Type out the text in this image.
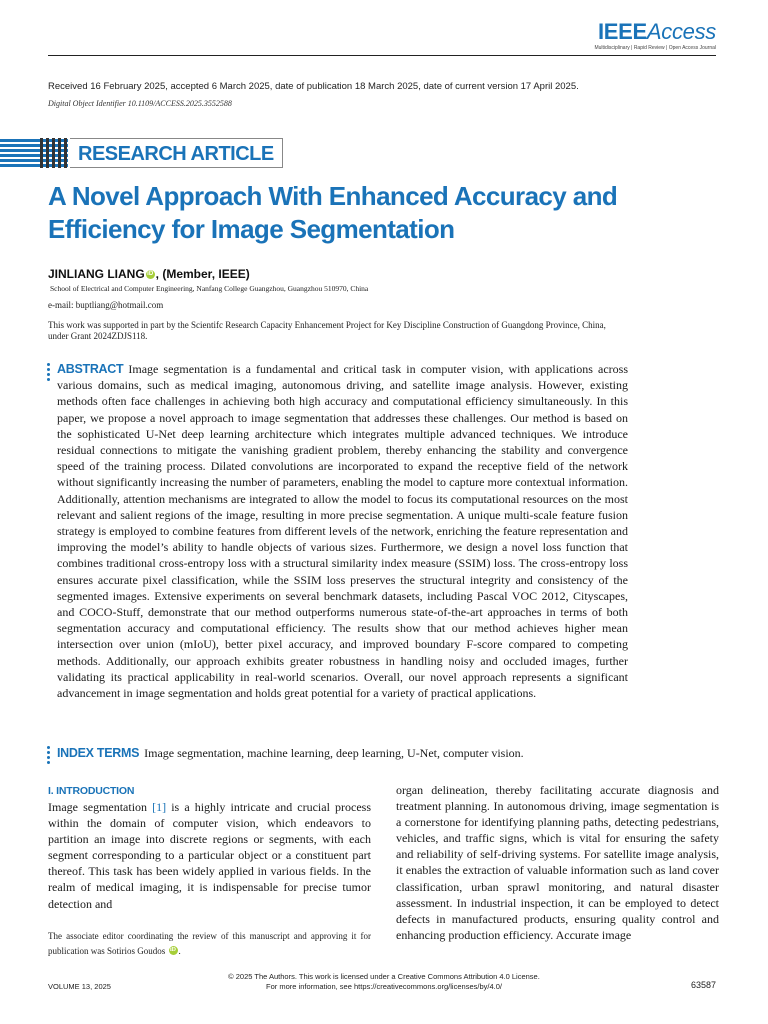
IEEEAccess
Multidisciplinary | Rapid Review | Open Access Journal
Received 16 February 2025, accepted 6 March 2025, date of publication 18 March 2025, date of current version 17 April 2025.
Digital Object Identifier 10.1109/ACCESS.2025.3552588
RESEARCH ARTICLE
A Novel Approach With Enhanced Accuracy and Efficiency for Image Segmentation
JINLIANG LIANG iD , (Member, IEEE)
School of Electrical and Computer Engineering, Nanfang College Guangzhou, Guangzhou 510970, China
e-mail: buptliang@hotmail.com
This work was supported in part by the Scientifc Research Capacity Enhancement Project for Key Discipline Construction of Guangdong Province, China, under Grant 2024ZDJS118.
ABSTRACT Image segmentation is a fundamental and critical task in computer vision, with applications across various domains, such as medical imaging, autonomous driving, and satellite image analysis. However, existing methods often face challenges in achieving both high accuracy and computational efficiency simultaneously. In this paper, we propose a novel approach to image segmentation that addresses these challenges. Our method is based on the sophisticated U-Net deep learning architecture which integrates multiple advanced techniques. We introduce residual connections to mitigate the vanishing gradient problem, thereby enhancing the stability and convergence speed of the training process. Dilated convolutions are incorporated to expand the receptive field of the network without significantly increasing the number of parameters, enabling the model to capture more contextual information. Additionally, attention mechanisms are integrated to allow the model to focus its computational resources on the most relevant and salient regions of the image, resulting in more precise segmentation. A unique multi-scale feature fusion strategy is employed to combine features from different levels of the network, enriching the feature representation and improving the model’s ability to handle objects of various sizes. Furthermore, we design a novel loss function that combines traditional cross-entropy loss with a structural similarity index measure (SSIM) loss. The cross-entropy loss ensures accurate pixel classification, while the SSIM loss preserves the structural integrity and consistency of the segmented images. Extensive experiments on several benchmark datasets, including Pascal VOC 2012, Cityscapes, and COCO-Stuff, demonstrate that our method outperforms numerous state-of-the-art approaches in terms of both segmentation accuracy and computational efficiency. The results show that our method achieves higher mean intersection over union (mIoU), better pixel accuracy, and improved boundary F-score compared to competing methods. Additionally, our approach exhibits greater robustness in handling noisy and occluded images, further validating its practical applicability in real-world scenarios. Overall, our novel approach represents a significant advancement in image segmentation and holds great potential for a variety of practical applications.
INDEX TERMS Image segmentation, machine learning, deep learning, U-Net, computer vision.
I. INTRODUCTION

Image segmentation [1] is a highly intricate and crucial process within the domain of computer vision, which endeavors to partition an image into discrete regions or segments, with each segment corresponding to a particular object or a constituent part thereof. This task has been widely applied in various fields. In the realm of medical imaging, it is indispensable for precise tumor detection and

The associate editor coordinating the review of this manuscript and approving it for publication was Sotirios Goudos iD .
organ delineation, thereby facilitating accurate diagnosis and treatment planning. In autonomous driving, image segmentation is a cornerstone for identifying planning paths, detecting pedestrians, vehicles, and traffic signs, which is vital for ensuring the safety and reliability of self-driving systems. For satellite image analysis, it enables the extraction of valuable information such as land cover classification, urban sprawl monitoring, and natural disaster assessment. In industrial inspection, it can be employed to detect defects in manufactured products, ensuring quality control and enhancing production efficiency. Accurate image
© 2025 The Authors. This work is licensed under a Creative Commons Attribution 4.0 License.
For more information, see https://creativecommons.org/licenses/by/4.0/
VOLUME 13, 2025	63587
